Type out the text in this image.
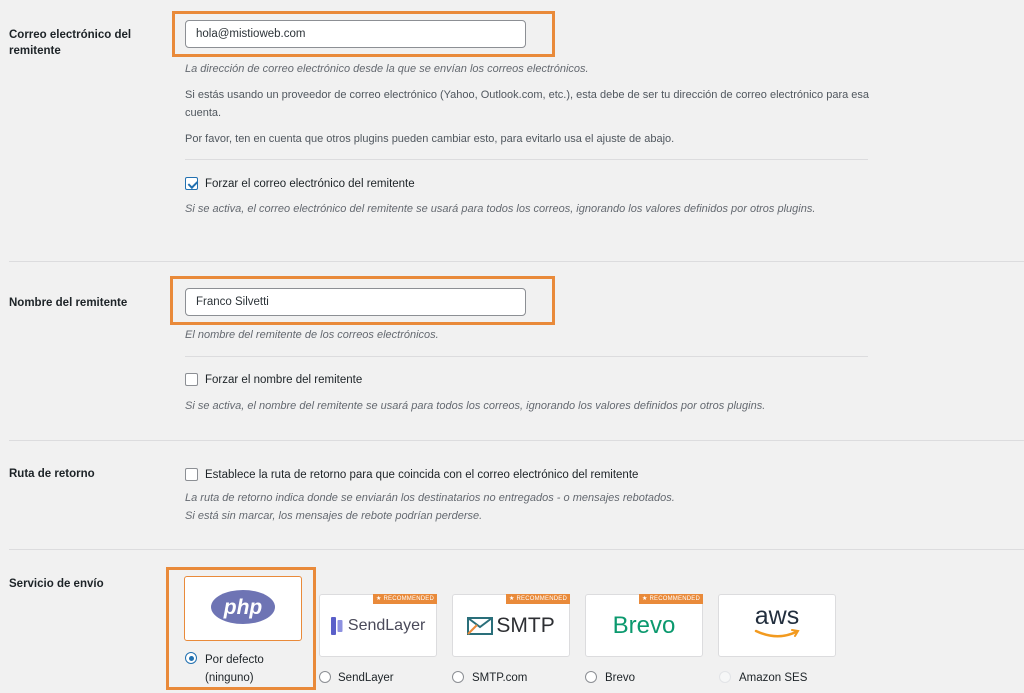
Correo electrónico del remitente
hola@mistioweb.com
La dirección de correo electrónico desde la que se envían los correos electrónicos.
Si estás usando un proveedor de correo electrónico (Yahoo, Outlook.com, etc.), esta debe de ser tu dirección de correo electrónico para esa cuenta.
Por favor, ten en cuenta que otros plugins pueden cambiar esto, para evitarlo usa el ajuste de abajo.
Forzar el correo electrónico del remitente
Si se activa, el correo electrónico del remitente se usará para todos los correos, ignorando los valores definidos por otros plugins.
Nombre del remitente	Franco Silvetti
El nombre del remitente de los correos electrónicos.
Forzar el nombre del remitente
Si se activa, el nombre del remitente se usará para todos los correos, ignorando los valores definidos por otros plugins.
Ruta de retorno	Establece la ruta de retorno para que coincida con el correo electrónico del remitente
La ruta de retorno indica donde se enviarán los destinatarios no entregados - o mensajes rebotados.
Si está sin marcar, los mensajes de rebote podrían perderse.
Servicio de envío
php
Por defecto (ninguno)
★ RECOMMENDED
SendLayer
SendLayer
★ RECOMMENDED
SMTP
SMTP.com
★ RECOMMENDED
Brevo
Brevo
aws
Amazon SES
